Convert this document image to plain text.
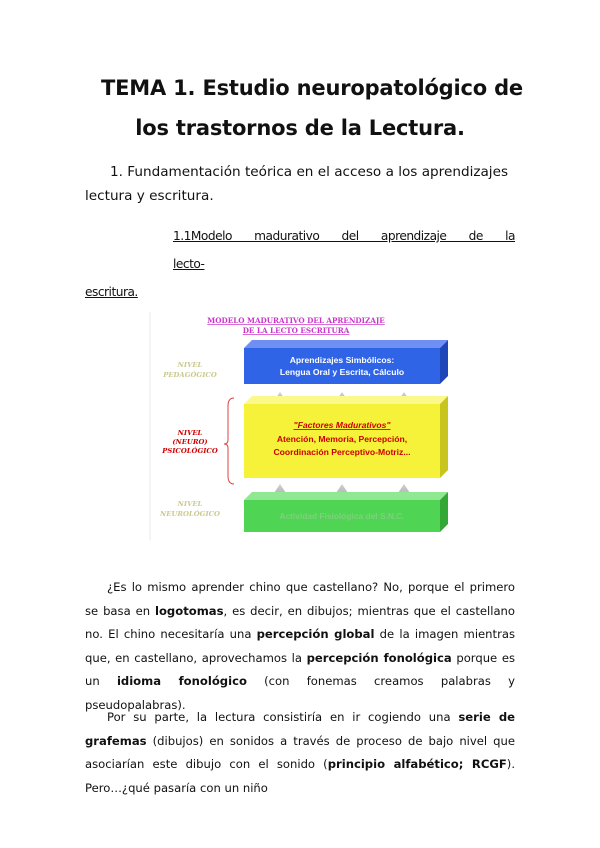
TEMA 1. Estudio neuropatológico de
los trastornos de la Lectura.
1. Fundamentación teórica en el acceso a los aprendizajes
lectura y escritura.
1.1Modelo madurativo del aprendizaje de la lecto-
escritura.
MODELO MADURATIVO DEL APRENDIZAJE
DE LA LECTO ESCRITURA
NIVEL
PEDAGÓGICO
NIVEL
(NEURO)
PSICOLÓGICO
NIVEL
NEUROLÓGICO
Aprendizajes Simbólicos:
Lengua Oral y Escrita, Cálculo
"Factores Madurativos"
Atención, Memoria, Percepción,
Coordinación Perceptivo-Motriz...
Actividad Fisiológica del S.N.C.
¿Es lo mismo aprender chino que castellano? No, porque el primero se basa en logotomas, es decir, en dibujos; mientras que el castellano no. El chino necesitaría una percepción global de la imagen mientras que, en castellano, aprovechamos la percepción fonológica porque es un idioma fonológico (con fonemas creamos palabras y pseudopalabras).
Por su parte, la lectura consistiría en ir cogiendo una serie de grafemas (dibujos) en sonidos a través de proceso de bajo nivel que asociarían este dibujo con el sonido (principio alfabético; RCGF). Pero…¿qué pasaría con un niño
